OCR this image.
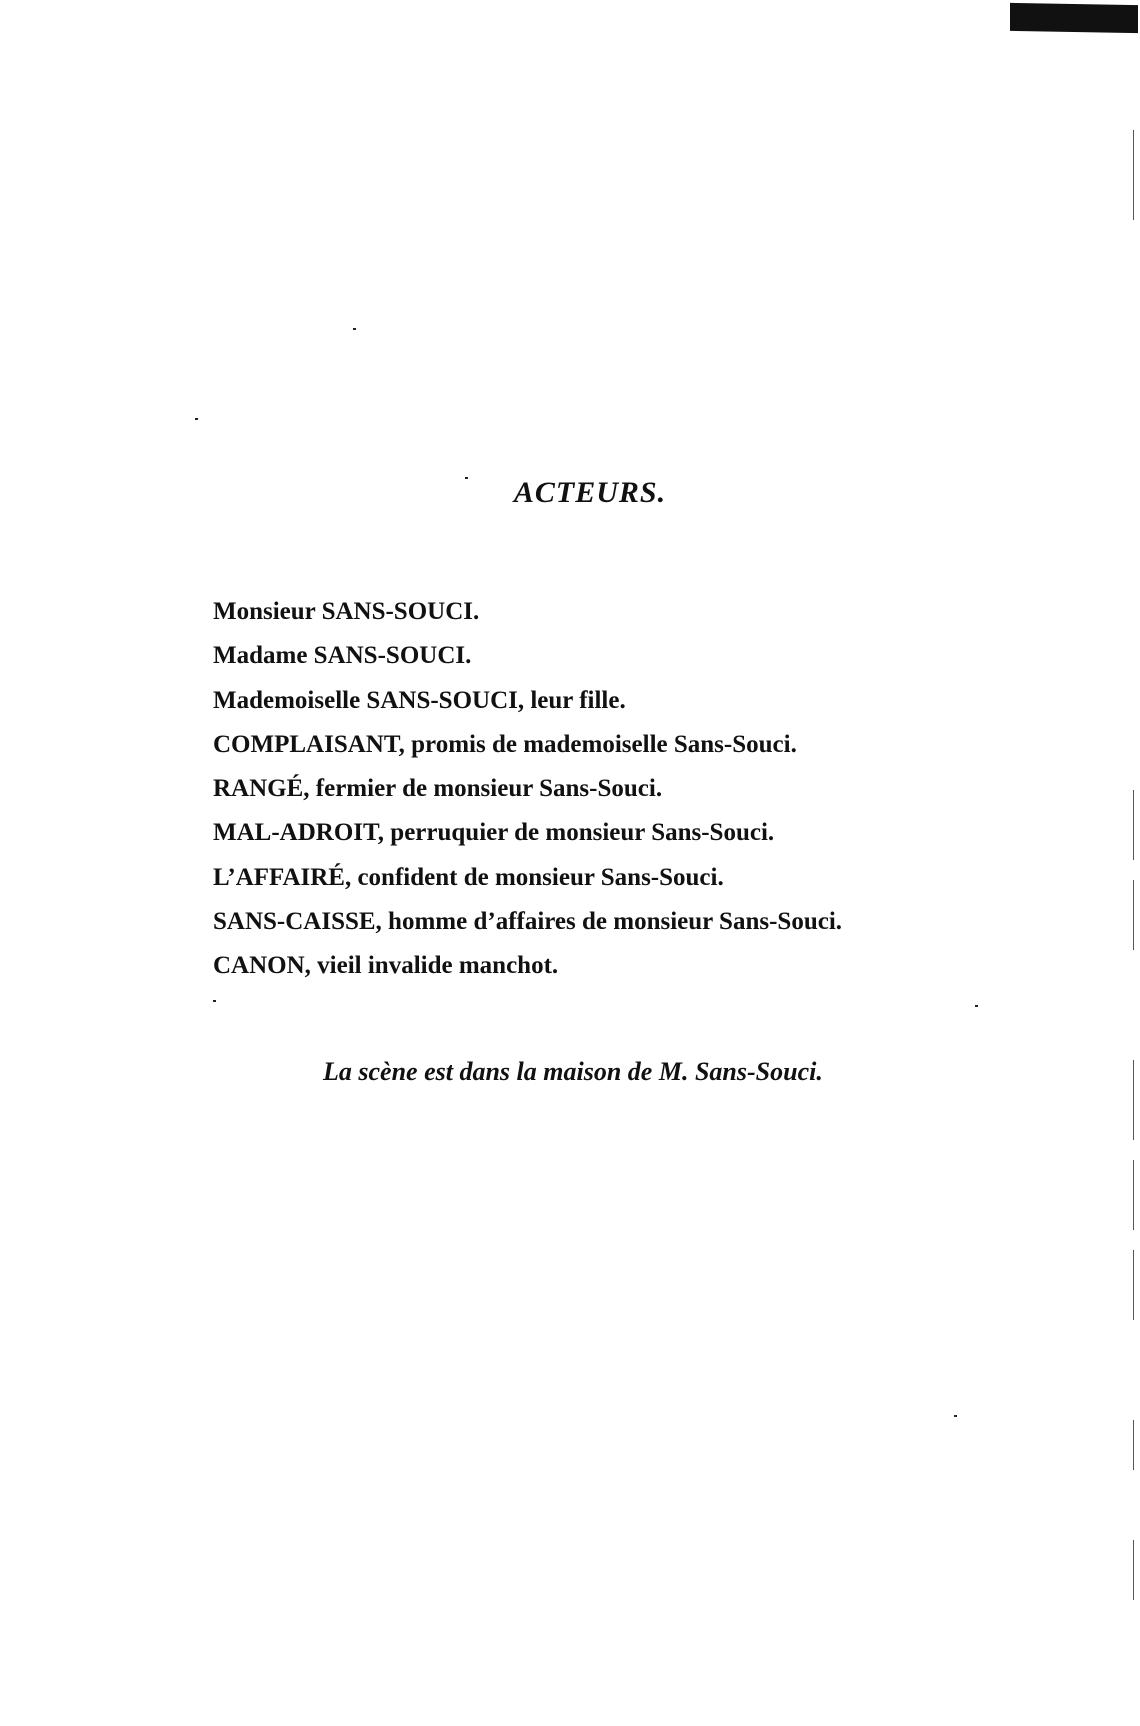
ACTEURS.
Monsieur SANS-SOUCI.
Madame SANS-SOUCI.
Mademoiselle SANS-SOUCI, leur fille.
COMPLAISANT, promis de mademoiselle Sans-Souci.
RANGÉ, fermier de monsieur Sans-Souci.
MAL-ADROIT, perruquier de monsieur Sans-Souci.
L’AFFAIRÉ, confident de monsieur Sans-Souci.
SANS-CAISSE, homme d’affaires de monsieur Sans-Souci.
CANON, vieil invalide manchot.
La scène est dans la maison de M. Sans-Souci.
